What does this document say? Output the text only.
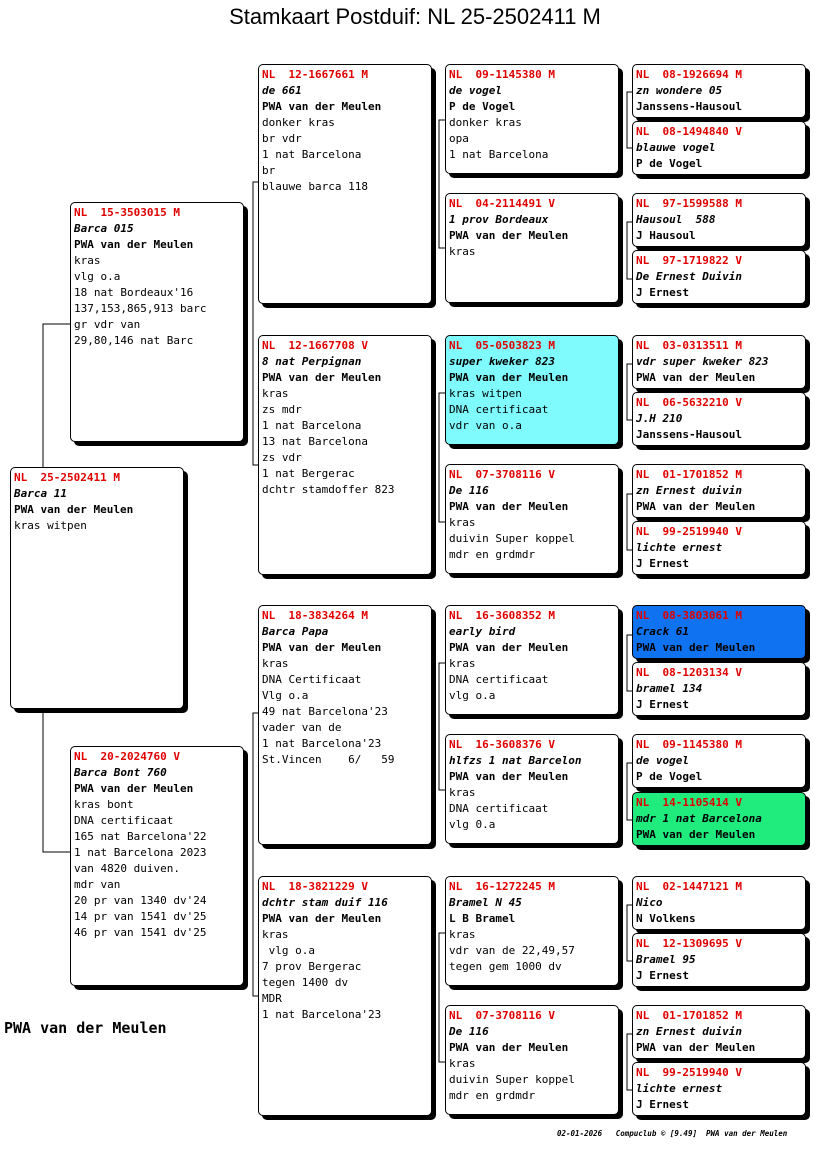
Stamkaart Postduif: NL 25-2502411 M
NL  25-2502411 M
Barca 11
PWA van der Meulen
kras witpen
NL  15-3503015 M
Barca 015
PWA van der Meulen
kras
vlg o.a
18 nat Bordeaux'16
137,153,865,913 barc
gr vdr van
29,80,146 nat Barc
NL  20-2024760 V
Barca Bont 760
PWA van der Meulen
kras bont
DNA certificaat
165 nat Barcelona'22
1 nat Barcelona 2023
van 4820 duiven.
mdr van
20 pr van 1340 dv'24
14 pr van 1541 dv'25
46 pr van 1541 dv'25
NL  12-1667661 M
de 661
PWA van der Meulen
donker kras
br vdr
1 nat Barcelona
br
blauwe barca 118
NL  12-1667708 V
8 nat Perpignan
PWA van der Meulen
kras
zs mdr
1 nat Barcelona
13 nat Barcelona
zs vdr
1 nat Bergerac
dchtr stamdoffer 823
NL  18-3834264 M
Barca Papa
PWA van der Meulen
kras
DNA Certificaat
Vlg o.a
49 nat Barcelona'23
vader van de
1 nat Barcelona'23
St.Vincen    6/   59
NL  18-3821229 V
dchtr stam duif 116
PWA van der Meulen
kras
vlg o.a
7 prov Bergerac
tegen 1400 dv
MDR
1 nat Barcelona'23
NL  09-1145380 M
de vogel
P de Vogel
donker kras
opa
1 nat Barcelona
NL  04-2114491 V
1 prov Bordeaux
PWA van der Meulen
kras
NL  05-0503823 M
super kweker 823
PWA van der Meulen
kras witpen
DNA certificaat
vdr van o.a
NL  07-3708116 V
De 116
PWA van der Meulen
kras
duivin Super koppel
mdr en grdmdr
NL  16-3608352 M
early bird
PWA van der Meulen
kras
DNA certificaat
vlg o.a
NL  16-3608376 V
hlfzs 1 nat Barcelon
PWA van der Meulen
kras
DNA certificaat
vlg 0.a
NL  16-1272245 M
Bramel N 45
L B Bramel
kras
vdr van de 22,49,57
tegen gem 1000 dv
NL  07-3708116 V
De 116
PWA van der Meulen
kras
duivin Super koppel
mdr en grdmdr
NL  08-1926694 M
zn wondere 05
Janssens-Hausoul
NL  08-1494840 V
blauwe vogel
P de Vogel
NL  97-1599588 M
Hausoul  588
J Hausoul
NL  97-1719822 V
De Ernest Duivin
J Ernest
NL  03-0313511 M
vdr super kweker 823
PWA van der Meulen
NL  06-5632210 V
J.H 210
Janssens-Hausoul
NL  01-1701852 M
zn Ernest duivin
PWA van der Meulen
NL  99-2519940 V
lichte ernest
J Ernest
NL  08-3803061 M
Crack 61
PWA van der Meulen
NL  08-1203134 V
bramel 134
J Ernest
NL  09-1145380 M
de vogel
P de Vogel
NL  14-1105414 V
mdr 1 nat Barcelona
PWA van der Meulen
NL  02-1447121 M
Nico
N Volkens
NL  12-1309695 V
Bramel 95
J Ernest
NL  01-1701852 M
zn Ernest duivin
PWA van der Meulen
NL  99-2519940 V
lichte ernest
J Ernest
PWA van der Meulen
02-01-2026   Compuclub © [9.49]  PWA van der Meulen
